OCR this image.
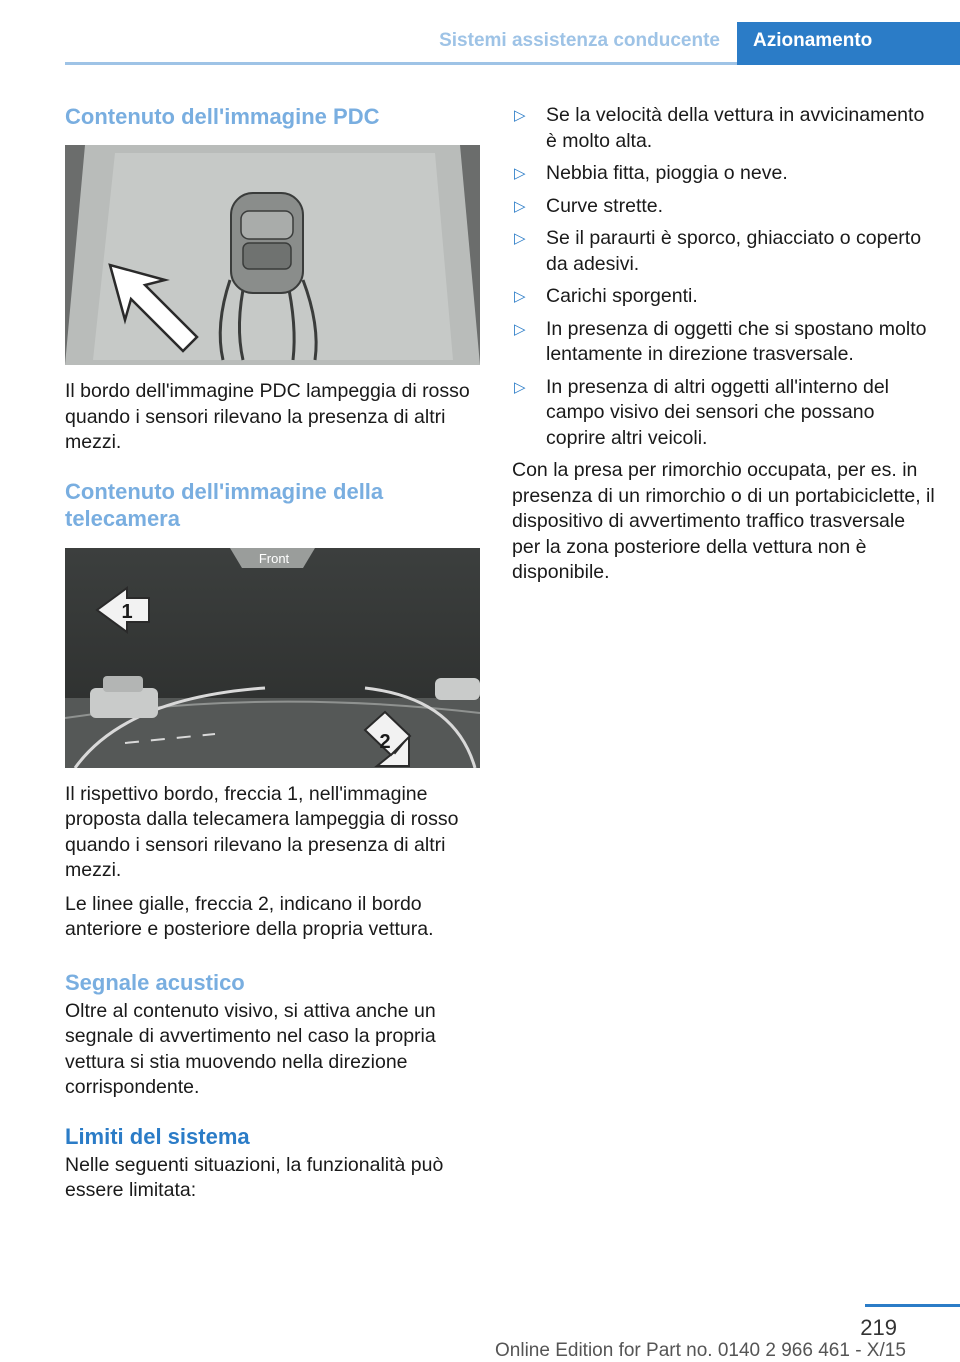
Sistemi assistenza conducente	Azionamento
Contenuto dell'immagine PDC

Il bordo dell'immagine PDC lampeggia di rosso quando i sensori rilevano la presenza di altri mezzi.

Contenuto dell'immagine della telecamera
Front
1
2

Il rispettivo bordo, freccia 1, nell'immagine proposta dalla telecamera lampeggia di rosso quando i sensori rilevano la presenza di altri mezzi.

Le linee gialle, freccia 2, indicano il bordo anteriore e posteriore della propria vettura.

Segnale acustico

Oltre al contenuto visivo, si attiva anche un segnale di avvertimento nel caso la propria vettura si stia muovendo nella direzione corrispondente.

Limiti del sistema

Nelle seguenti situazioni, la funzionalità può essere limitata:

▷	Se la velocità della vettura in avvicinamento è molto alta.
▷	Nebbia fitta, pioggia o neve.
▷	Curve strette.
▷	Se il paraurti è sporco, ghiacciato o coperto da adesivi.
▷	Carichi sporgenti.
▷	In presenza di oggetti che si spostano molto lentamente in direzione trasversale.
▷	In presenza di altri oggetti all'interno del campo visivo dei sensori che possano coprire altri veicoli.

Con la presa per rimorchio occupata, per es. in presenza di un rimorchio o di un portabiciclette, il dispositivo di avvertimento traffico trasversale per la zona posteriore della vettura non è disponibile.

219
Online Edition for Part no. 0140 2 966 461 - X/15
